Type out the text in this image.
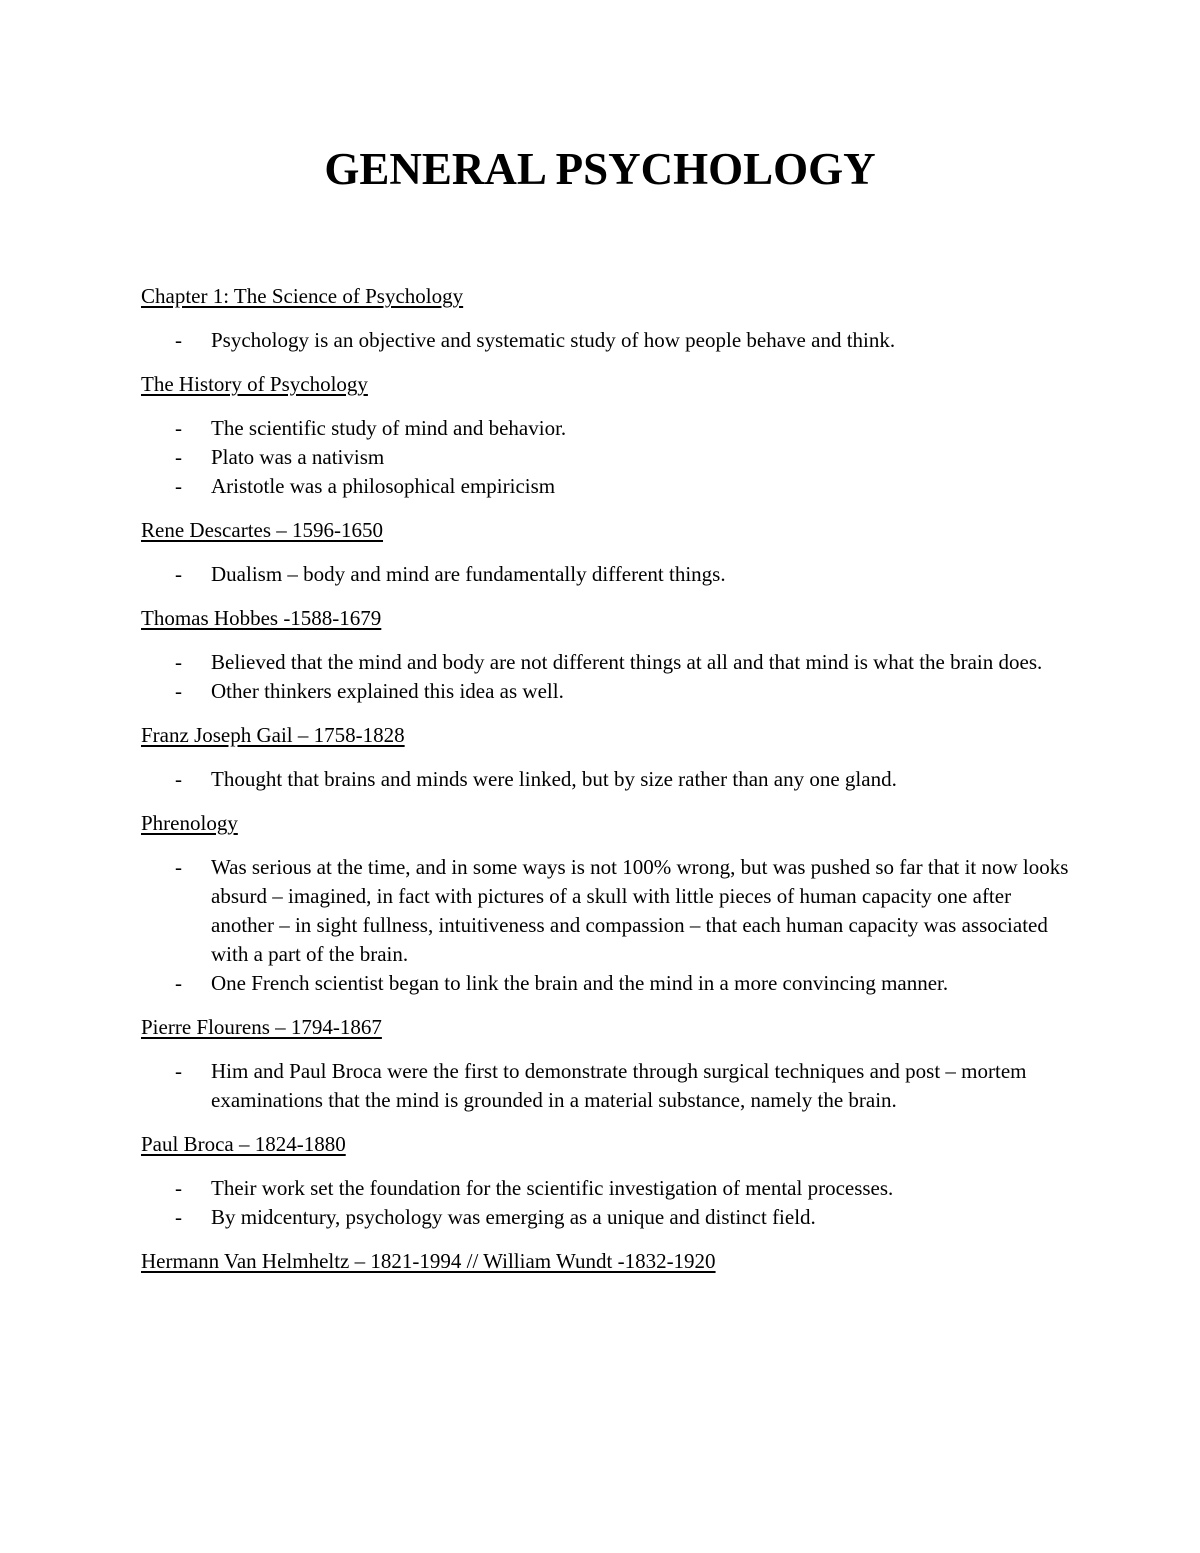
GENERAL PSYCHOLOGY
Chapter 1: The Science of Psychology
- Psychology is an objective and systematic study of how people behave and think.
The History of Psychology
- The scientific study of mind and behavior.
- Plato was a nativism
- Aristotle was a philosophical empiricism
Rene Descartes – 1596-1650
- Dualism – body and mind are fundamentally different things.
Thomas Hobbes -1588-1679
- Believed that the mind and body are not different things at all and that mind is what the brain does.
- Other thinkers explained this idea as well.
Franz Joseph Gail – 1758-1828
- Thought that brains and minds were linked, but by size rather than any one gland.
Phrenology
- Was serious at the time, and in some ways is not 100% wrong, but was pushed so far that it now looks absurd – imagined, in fact with pictures of a skull with little pieces of human capacity one after another – in sight fullness, intuitiveness and compassion – that each human capacity was associated with a part of the brain.
- One French scientist began to link the brain and the mind in a more convincing manner.
Pierre Flourens – 1794-1867
- Him and Paul Broca were the first to demonstrate through surgical techniques and post – mortem examinations that the mind is grounded in a material substance, namely the brain.
Paul Broca – 1824-1880
- Their work set the foundation for the scientific investigation of mental processes.
- By midcentury, psychology was emerging as a unique and distinct field.
Hermann Van Helmheltz – 1821-1994 // William Wundt -1832-1920
